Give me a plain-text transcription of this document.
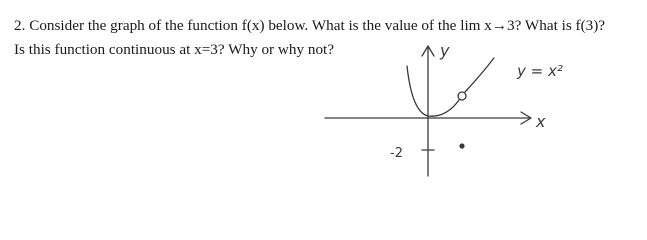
2. Consider the graph of the function f(x) below. What is the value of the lim x→3? What is f(3)?
Is this function continuous at x=3? Why or why not?	y
x
-2
y = x²
